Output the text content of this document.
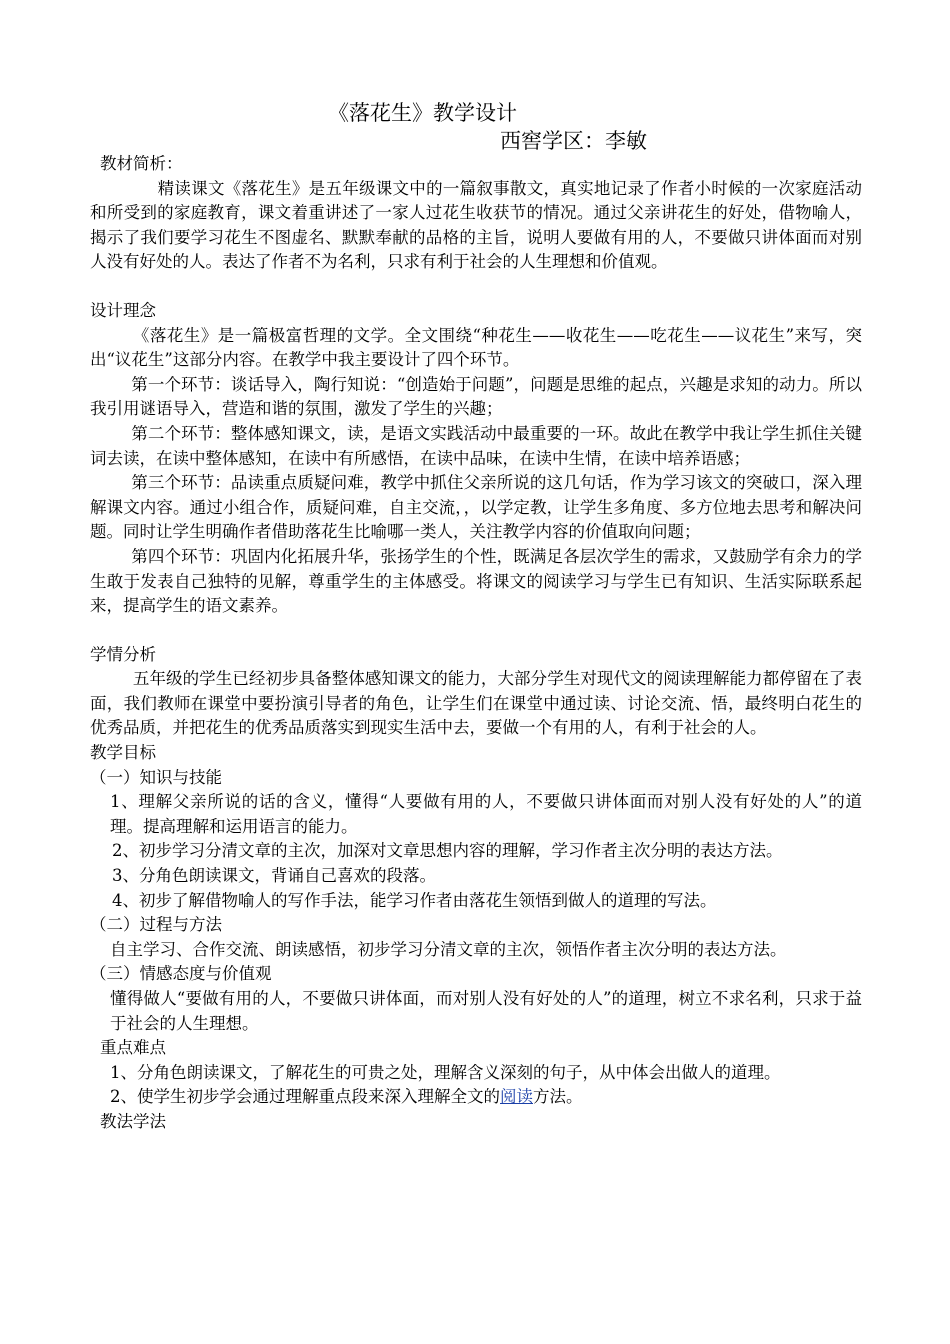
《落花生》教学设计
西窖学区：李敏

教材简析：

精读课文《落花生》是五年级课文中的一篇叙事散文，真实地记录了作者小时候的一次家庭活动和所受到的家庭教育，课文着重讲述了一家人过花生收获节的情况。通过父亲讲花生的好处，借物喻人，揭示了我们要学习花生不图虚名、默默奉献的品格的主旨，说明人要做有用的人，不要做只讲体面而对别人没有好处的人。表达了作者不为名利，只求有利于社会的人生理想和价值观。

设计理念

《落花生》是一篇极富哲理的文学。全文围绕“种花生——收花生——吃花生——议花生”来写，突出“议花生”这部分内容。在教学中我主要设计了四个环节。

第一个环节：谈话导入，陶行知说：“创造始于问题”，问题是思维的起点，兴趣是求知的动力。所以我引用谜语导入，营造和谐的氛围，激发了学生的兴趣；

第二个环节：整体感知课文，读，是语文实践活动中最重要的一环。故此在教学中我让学生抓住关键词去读，在读中整体感知，在读中有所感悟，在读中品味，在读中生情，在读中培养语感；

第三个环节：品读重点质疑问难，教学中抓住父亲所说的这几句话，作为学习该文的突破口，深入理解课文内容。通过小组合作，质疑问难，自主交流，，以学定教，让学生多角度、多方位地去思考和解决问题。同时让学生明确作者借助落花生比喻哪一类人，关注教学内容的价值取向问题；

第四个环节：巩固内化拓展升华，张扬学生的个性，既满足各层次学生的需求，又鼓励学有余力的学生敢于发表自己独特的见解，尊重学生的主体感受。将课文的阅读学习与学生已有知识、生活实际联系起来，提高学生的语文素养。

学情分析

五年级的学生已经初步具备整体感知课文的能力，大部分学生对现代文的阅读理解能力都停留在了表面，我们教师在课堂中要扮演引导者的角色，让学生们在课堂中通过读、讨论交流、悟，最终明白花生的优秀品质，并把花生的优秀品质落实到现实生活中去，要做一个有用的人，有利于社会的人。

教学目标

（一）知识与技能

1、理解父亲所说的话的含义，懂得“人要做有用的人，不要做只讲体面而对别人没有好处的人”的道理。提高理解和运用语言的能力。

2、初步学习分清文章的主次，加深对文章思想内容的理解，学习作者主次分明的表达方法。

3、分角色朗读课文，背诵自己喜欢的段落。

4、初步了解借物喻人的写作手法，能学习作者由落花生领悟到做人的道理的写法。

（二）过程与方法

自主学习、合作交流、朗读感悟，初步学习分清文章的主次，领悟作者主次分明的表达方法。

（三）情感态度与价值观

懂得做人“要做有用的人，不要做只讲体面，而对别人没有好处的人”的道理，树立不求名利，只求于益于社会的人生理想。

重点难点

1、分角色朗读课文，了解花生的可贵之处，理解含义深刻的句子，从中体会出做人的道理。

2、使学生初步学会通过理解重点段来深入理解全文的阅读方法。

教法学法
